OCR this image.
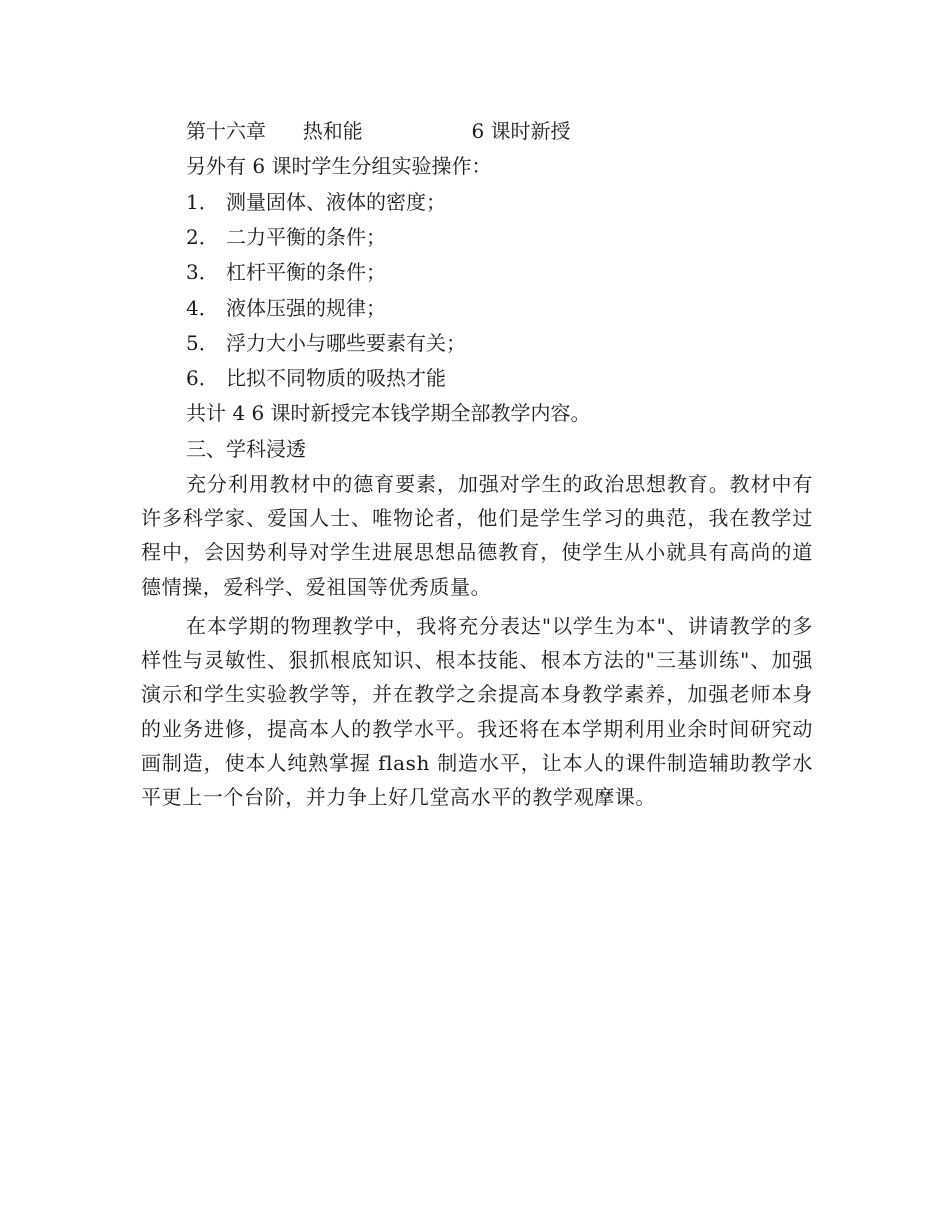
第十六章 热和能	6 课时新授
另外有 6 课时学生分组实验操作：
1． 测量固体、液体的密度；
2． 二力平衡的条件；
3． 杠杆平衡的条件；
4． 液体压强的规律；
5． 浮力大小与哪些要素有关；
6． 比拟不同物质的吸热才能
共计 4 6 课时新授完本钱学期全部教学内容。
三、学科浸透
充分利用教材中的德育要素，加强对学生的政治思想教育。教材中有许多科学家、爱国人士、唯物论者，他们是学生学习的典范，我在教学过程中，会因势利导对学生进展思想品德教育，使学生从小就具有高尚的道德情操，爱科学、爱祖国等优秀质量。
在本学期的物理教学中，我将充分表达"以学生为本"、讲请教学的多样性与灵敏性、狠抓根底知识、根本技能、根本方法的"三基训练"、加强演示和学生实验教学等，并在教学之余提高本身教学素养，加强老师本身的业务进修，提高本人的教学水平。我还将在本学期利用业余时间研究动画制造，使本人纯熟掌握 flash 制造水平，让本人的课件制造辅助教学水平更上一个台阶，并力争上好几堂高水平的教学观摩课。
